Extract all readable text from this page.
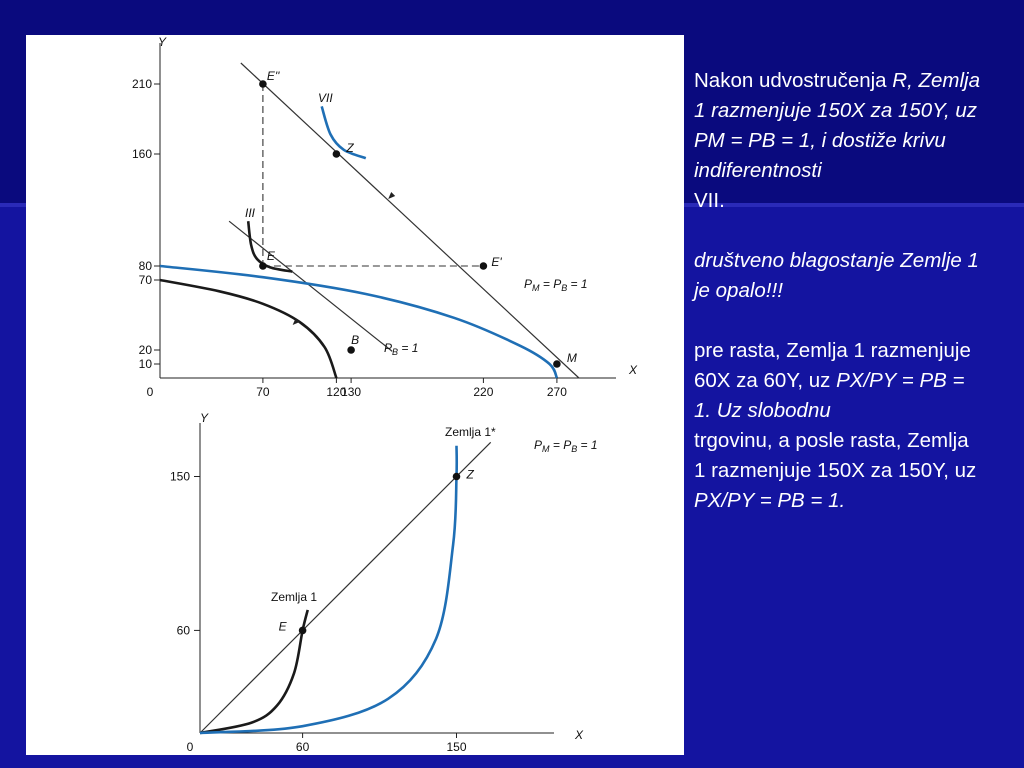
Y
X
210
160
80
70
20
10
0	70	120
130	220	270
E''
Z
E	E'
B
M
III
VII
$P_B = 1$
$P_M = P_B = 1$
Y
X
150
60
0	60	150
E
Z
Zemlja 1
Zemlja 1*
$P_M = P_B = 1$

Nakon udvostručenja R, Zemlja 1 razmenjuje 150X za 150Y, uz PM = PB = 1, i dostiže krivu indiferentnosti
VII.

društveno blagostanje Zemlje 1 je opalo!!!

pre rasta, Zemlja 1 razmenjuje 60X za 60Y, uz PX/PY = PB = 1. Uz slobodnu
trgovinu, a posle rasta, Zemlja 1 razmenjuje 150X za 150Y, uz PX/PY = PB = 1.
